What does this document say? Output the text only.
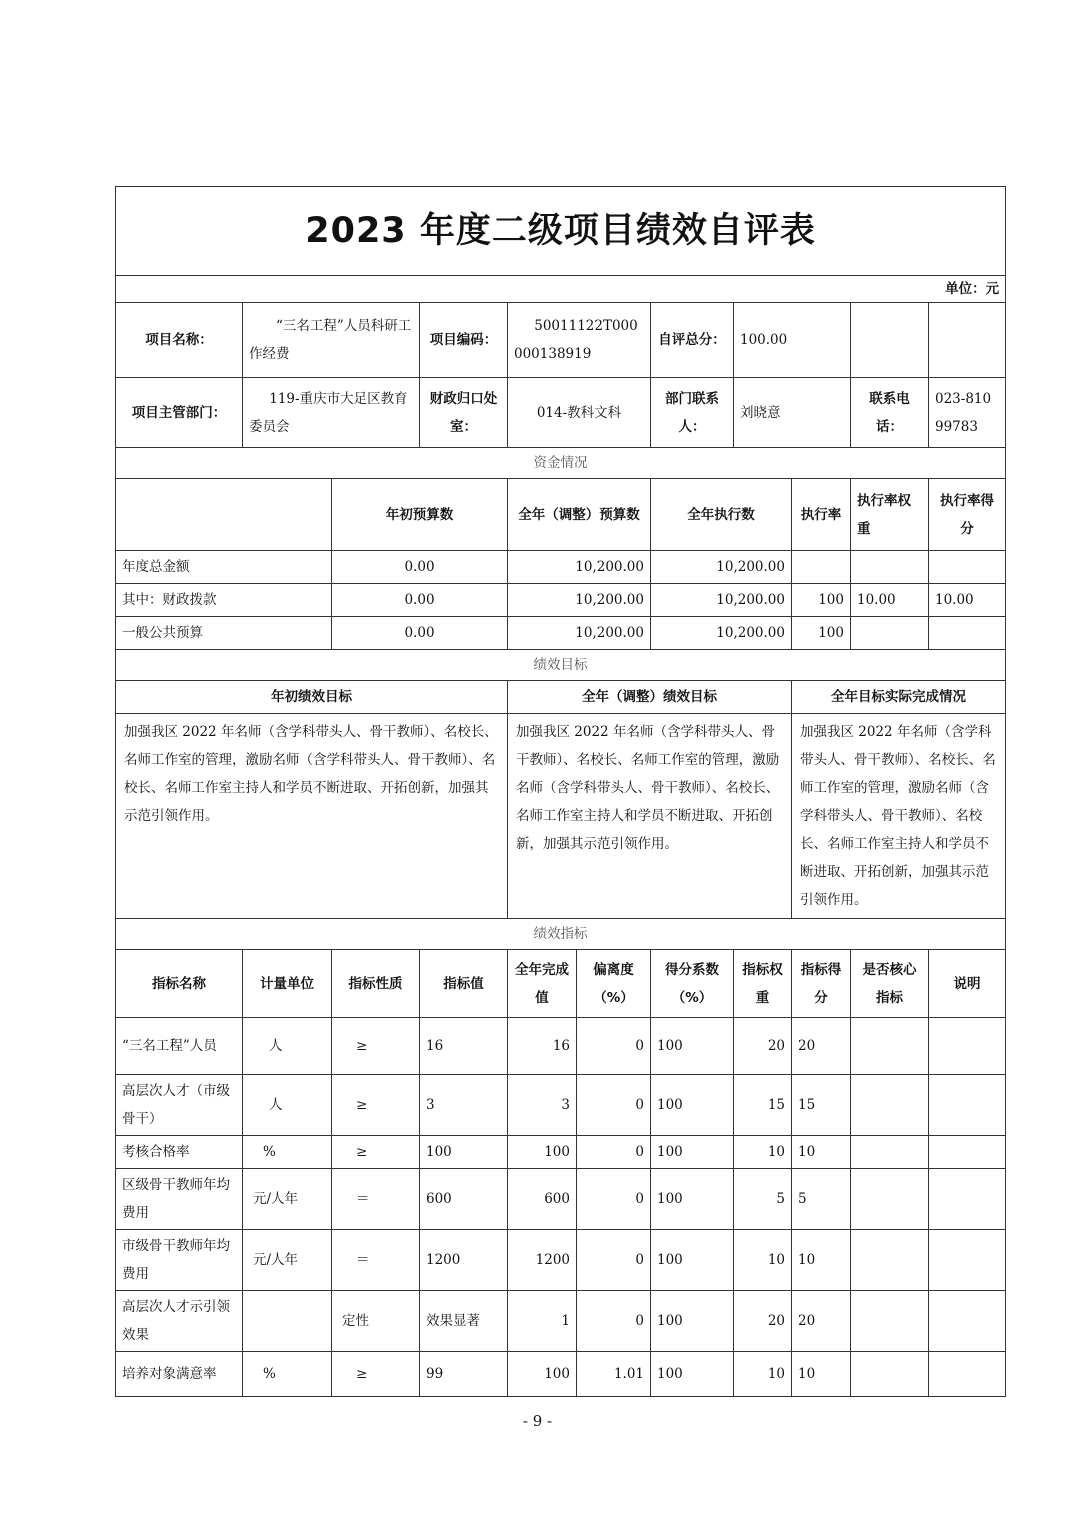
2023 年度二级项目绩效自评表										
单位：元										
项目名称：	“三名工程”人员科研工作经费		项目编码：	50011122T000000138919		自评总分：	100.00			
项目主管部门：	119-重庆市大足区教育委员会		财政归口处室：	014-教科文科		部门联系人：	刘晓意		联系电话：	023-81099783
资金情况										
		年初预算数		全年（调整）预算数		全年执行数		执行率	执行率权重	执行率得分
年度总金额		0.00		10,200.00		10,200.00				
其中：财政拨款		0.00		10,200.00		10,200.00		100	10.00	10.00
一般公共预算		0.00		10,200.00		10,200.00		100		
绩效目标										
年初绩效目标				全年（调整）绩效目标				全年目标实际完成情况		
加强我区 2022 年名师（含学科带头人、骨干教师）、名校长、名师工作室的管理，激励名师（含学科带头人、骨干教师）、名校长、名师工作室主持人和学员不断进取、开拓创新，加强其示范引领作用。				加强我区 2022 年名师（含学科带头人、骨干教师）、名校长、名师工作室的管理，激励名师（含学科带头人、骨干教师）、名校长、名师工作室主持人和学员不断进取、开拓创新，加强其示范引领作用。				加强我区 2022 年名师（含学科带头人、骨干教师）、名校长、名师工作室的管理，激励名师（含学科带头人、骨干教师）、名校长、名师工作室主持人和学员不断进取、开拓创新，加强其示范引领作用。		
绩效指标										
指标名称	计量单位	指标性质	指标值	全年完成值	偏离度（%）	得分系数（%）	指标权重	指标得分	是否核心指标	说明
“三名工程”人员	人	≥	16	16	0	100	20	20		
高层次人才（市级骨干）	人	≥	3	3	0	100	15	15		
考核合格率	%	≥	100	100	0	100	10	10		
区级骨干教师年均费用	元/人年	＝	600	600	0	100	5	5		
市级骨干教师年均费用	元/人年	＝	1200	1200	0	100	10	10		
高层次人才示引领效果		定性	效果显著	1	0	100	20	20		
培养对象满意率	%	≥	99	100	1.01	100	10	10		
- 9 -
